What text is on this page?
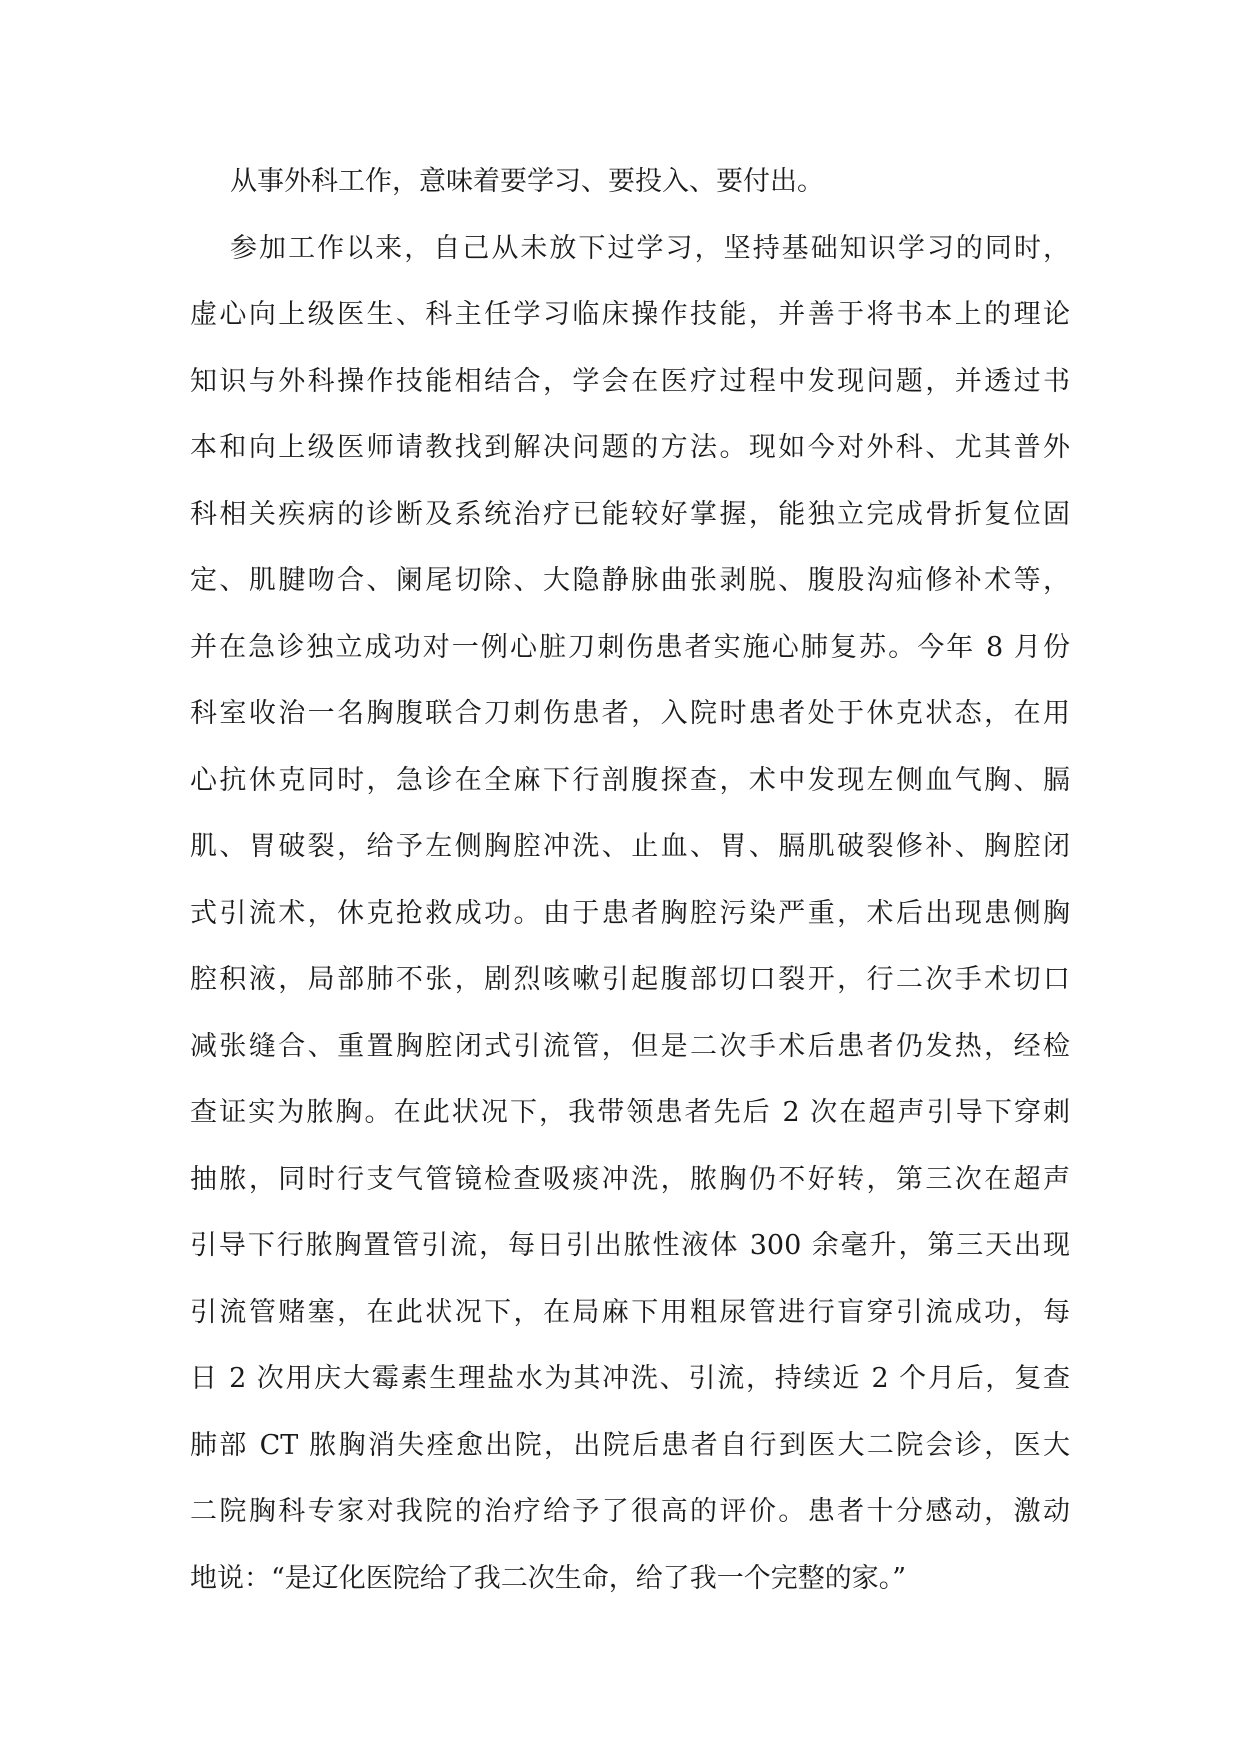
从事外科工作，意味着要学习、要投入、要付出。
参加工作以来，自己从未放下过学习，坚持基础知识学习的同时，
虚心向上级医生、科主任学习临床操作技能，并善于将书本上的理论
知识与外科操作技能相结合，学会在医疗过程中发现问题，并透过书
本和向上级医师请教找到解决问题的方法。现如今对外科、尤其普外
科相关疾病的诊断及系统治疗已能较好掌握，能独立完成骨折复位固
定、肌腱吻合、阑尾切除、大隐静脉曲张剥脱、腹股沟疝修补术等，
并在急诊独立成功对一例心脏刀刺伤患者实施心肺复苏。今年 8 月份
科室收治一名胸腹联合刀刺伤患者，入院时患者处于休克状态，在用
心抗休克同时，急诊在全麻下行剖腹探查，术中发现左侧血气胸、膈
肌、胃破裂，给予左侧胸腔冲洗、止血、胃、膈肌破裂修补、胸腔闭
式引流术，休克抢救成功。由于患者胸腔污染严重，术后出现患侧胸
腔积液，局部肺不张，剧烈咳嗽引起腹部切口裂开，行二次手术切口
减张缝合、重置胸腔闭式引流管，但是二次手术后患者仍发热，经检
查证实为脓胸。在此状况下，我带领患者先后 2 次在超声引导下穿刺
抽脓，同时行支气管镜检查吸痰冲洗，脓胸仍不好转，第三次在超声
引导下行脓胸置管引流，每日引出脓性液体 300 余毫升，第三天出现
引流管赌塞，在此状况下，在局麻下用粗尿管进行盲穿引流成功，每
日 2 次用庆大霉素生理盐水为其冲洗、引流，持续近 2 个月后，复查
肺部 CT 脓胸消失痊愈出院，出院后患者自行到医大二院会诊，医大
二院胸科专家对我院的治疗给予了很高的评价。患者十分感动，激动
地说：“是辽化医院给了我二次生命，给了我一个完整的家。”
